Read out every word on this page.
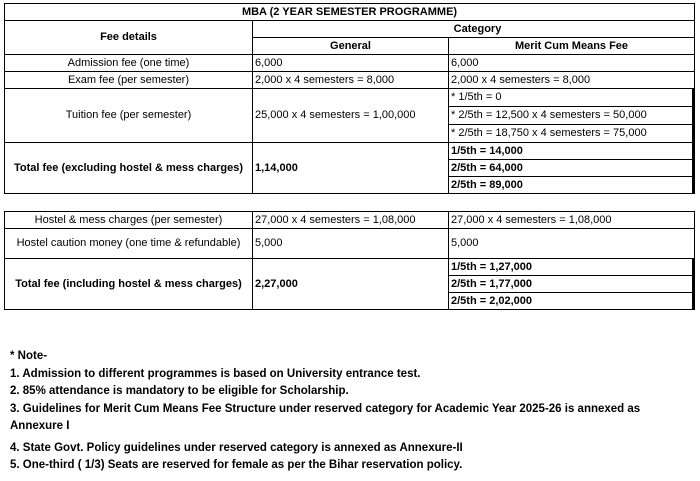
MBA (2 YEAR SEMESTER PROGRAMME)		
Fee details	Category	
	General	Merit Cum Means Fee
Admission fee (one time)	6,000	6,000
Exam fee (per semester)	2,000 x 4 semesters = 8,000	2,000 x 4 semesters = 8,000
Tuition fee (per semester)	25,000 x 4 semesters = 1,00,000	* 1/5th = 0
* 2/5th = 12,500 x 4 semesters = 50,000
* 2/5th = 18,750 x 4 semesters = 75,000

Total fee (excluding hostel & mess charges)	1,14,000	1/5th = 14,000
2/5th = 64,000
2/5th = 89,000
Hostel & mess charges (per semester)	27,000 x 4 semesters = 1,08,000	27,000 x 4 semesters = 1,08,000
Hostel caution money (one time & refundable)	5,000	5,000
Total fee (including hostel & mess charges)	2,27,000	1/5th = 1,27,000
2/5th = 1,77,000
2/5th = 2,02,000

* Note-

1. Admission to different programmes is based on University entrance test.

2. 85% attendance is mandatory to be eligible for Scholarship.

3. Guidelines for Merit Cum Means Fee Structure under reserved category for Academic Year 2025-26 is annexed as

Annexure I

4. State Govt. Policy guidelines under reserved category is annexed as Annexure-II

5. One-third ( 1/3) Seats are reserved for female as per the Bihar reservation policy.
